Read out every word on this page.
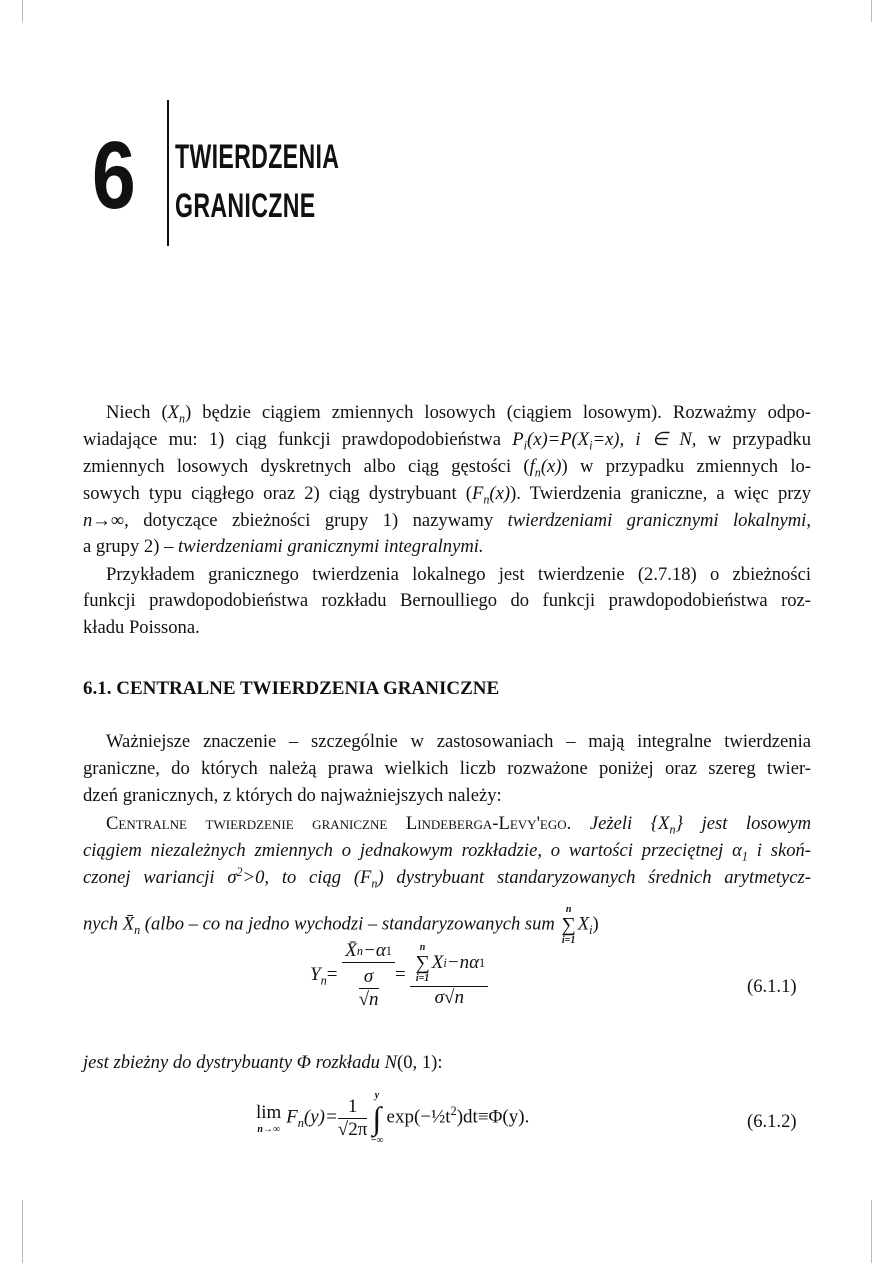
6 TWIERDZENIA
GRANICZNE
Niech $(X_n)$ będzie ciągiem zmiennych losowych (ciągiem losowym). Rozważmy odpo-
wiadające mu: 1) ciąg funkcji prawdopodobieństwa $P_i(x)=P(X_i=x)$, i ∈ N, w przypadku
zmiennych losowych dyskretnych albo ciąg gęstości $(f_n(x))$ w przypadku zmiennych lo-
sowych typu ciągłego oraz 2) ciąg dystrybuant $(F_n(x))$. Twierdzenia graniczne, a więc przy
n→∞, dotyczące zbieżności grupy 1) nazywamy twierdzeniami granicznymi lokalnymi,
a grupy 2) – twierdzeniami granicznymi integralnymi.
Przykładem granicznego twierdzenia lokalnego jest twierdzenie (2.7.18) o zbieżności
funkcji prawdopodobieństwa rozkładu Bernoulliego do funkcji prawdopodobieństwa roz-
kładu Poissona.
6.1. CENTRALNE TWIERDZENIA GRANICZNE
Ważniejsze znaczenie – szczególnie w zastosowaniach – mają integralne twierdzenia
graniczne, do których należą prawa wielkich liczb rozważone poniżej oraz szereg twier-
dzeń granicznych, z których do najważniejszych należy:
Centralne twierdzenie graniczne Lindeberga-Levy'ego. Jeżeli $\{X_n\}$ jest losowym
ciągiem niezależnych zmiennych o jednakowym rozkładzie, o wartości przeciętnej $\alpha_1$ i skoń-
czonej wariancji $\sigma^2>0$, to ciąg $(F_n)$ dystrybuant standaryzowanych średnich arytmetycz-
nych $X̄_n$ (albo – co na jedno wychodzi – standaryzowanych sum
n
∑
i=1
$X_i$)
$Y_n= \frac{X̄ n -\alpha 1}{\frac{\sigma}{√n}} = n$
∑
i=1
X i −nα 1
σ√n	(6.1.1)
jest zbieżny do dystrybuanty Φ rozkładu N(0, 1):
lim
n→∞
$F_n(y)= \frac{1}{√2\pi}$ y
∫
−∞
$\exp(-\frac{1}{2}t^2)dt\equiv\Phi(y)$.	(6.1.2)
